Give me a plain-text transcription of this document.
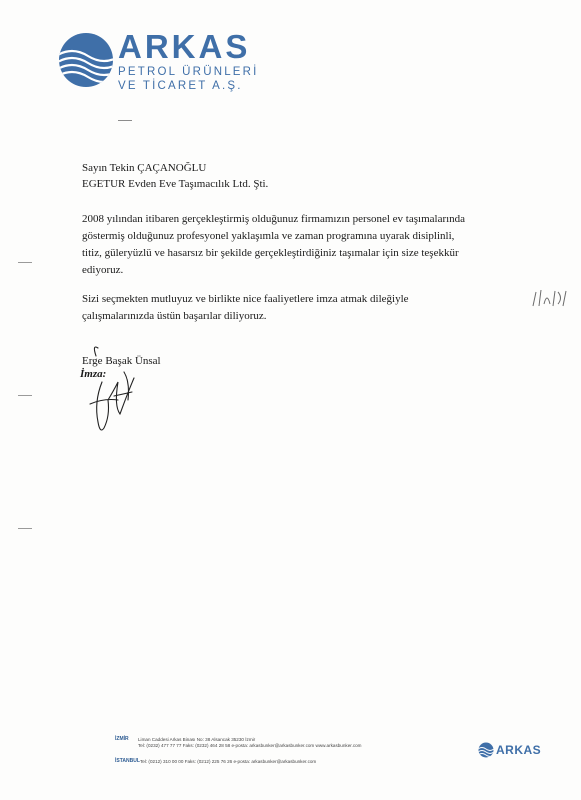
ARKAS
PETROL ÜRÜNLERİ
VE TİCARET A.Ş.
Sayın Tekin ÇAÇANOĞLU
EGETUR Evden Eve Taşımacılık Ltd. Şti.
2008 yılından itibaren gerçekleştirmiş olduğunuz firmamızın personel ev taşımalarında
göstermiş olduğunuz profesyonel yaklaşımla ve zaman programına uyarak disiplinli,
titiz, güleryüzlü ve hasarsız bir şekilde gerçekleştirdiğiniz taşımalar için size teşekkür
ediyoruz.
Sizi seçmekten mutluyuz ve birlikte nice faaliyetlere imza atmak dileğiyle
çalışmalarınızda üstün başarılar diliyoruz.
Erge Başak Ünsal
İmza:
İZMİR Liman Caddesi Arkas Binası No: 38 Alsancak 35230 İzmir
Tel: (0232) 477 77 77 Faks: (0232) 464 28 58 e-posta: arkasbunker@arkasbunker.com www.arkasbunker.com
İSTANBUL Tel: (0212) 310 00 00 Faks: (0212) 225 76 26 e-posta: arkasbunker@arkasbunker.com
ARKAS
